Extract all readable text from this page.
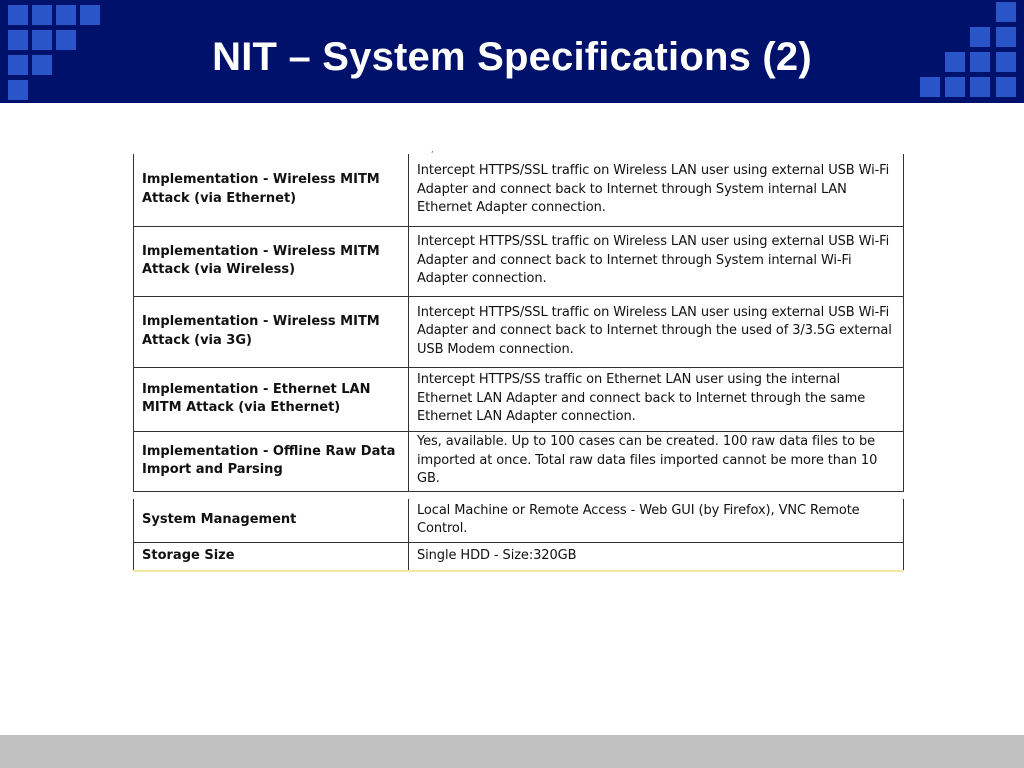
NIT – System Specifications (2)
,
Implementation - Wireless MITM Attack (via Ethernet)	Intercept HTTPS/SSL traffic on Wireless LAN user using external USB Wi-Fi Adapter and connect back to Internet through System internal LAN Ethernet Adapter connection.
Implementation - Wireless MITM Attack (via Wireless)	Intercept HTTPS/SSL traffic on Wireless LAN user using external USB Wi-Fi Adapter and connect back to Internet through System internal Wi-Fi Adapter connection.
Implementation - Wireless MITM Attack (via 3G)	Intercept HTTPS/SSL traffic on Wireless LAN user using external USB Wi-Fi Adapter and connect back to Internet through the used of 3/3.5G external USB Modem connection.
Implementation - Ethernet LAN MITM Attack (via Ethernet)	Intercept HTTPS/SS traffic on Ethernet LAN user using the internal Ethernet LAN Adapter and connect back to Internet through the same Ethernet LAN Adapter connection.
Implementation - Offline Raw Data Import and Parsing	Yes, available. Up to 100 cases can be created. 100 raw data files to be imported at once. Total raw data files imported cannot be more than 10 GB.
System Management	Local Machine or Remote Access - Web GUI (by Firefox), VNC Remote Control.
Storage Size	Single HDD - Size:320GB
